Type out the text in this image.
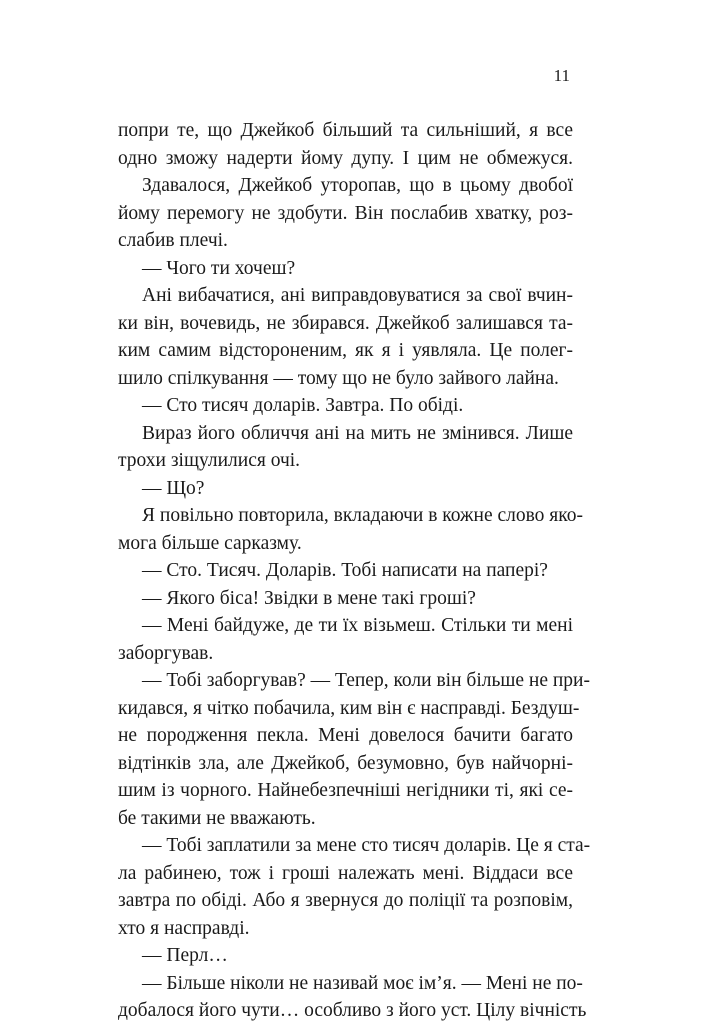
11
попри те, що Джейкоб більший та сильніший, я все
одно зможу надерти йому дупу. І цим не обмежуся.
Здавалося, Джейкоб уторопав, що в цьому двобої
йому перемогу не здобути. Він послабив хватку, роз-
слабив плечі.
— Чого ти хочеш?
Ані вибачатися, ані виправдовуватися за свої вчин-
ки він, вочевидь, не збирався. Джейкоб залишався та-
ким самим відстороненим, як я і уявляла. Це полег-
шило спілкування — тому що не було зайвого лайна.
— Сто тисяч доларів. Завтра. По обіді.
Вираз його обличчя ані на мить не змінився. Лише
трохи зіщулилися очі.
— Що?
Я повільно повторила, вкладаючи в кожне слово яко-
мога більше сарказму.
— Сто. Тисяч. Доларів. Тобі написати на папері?
— Якого біса! Звідки в мене такі гроші?
— Мені байдуже, де ти їх візьмеш. Стільки ти мені
заборгував.
— Тобі заборгував? — Тепер, коли він більше не при-
кидався, я чітко побачила, ким він є насправді. Бездуш-
не породження пекла. Мені довелося бачити багато
відтінків зла, але Джейкоб, безумовно, був найчорні-
шим із чорного. Найнебезпечніші негідники ті, які се-
бе такими не вважають.
— Тобі заплатили за мене сто тисяч доларів. Це я ста-
ла рабинею, тож і гроші належать мені. Віддаси все
завтра по обіді. Або я звернуся до поліції та розповім,
хто я насправді.
— Перл…
— Більше ніколи не називай моє ім’я. — Мені не по-
добалося його чути… особливо з його уст. Цілу вічність
